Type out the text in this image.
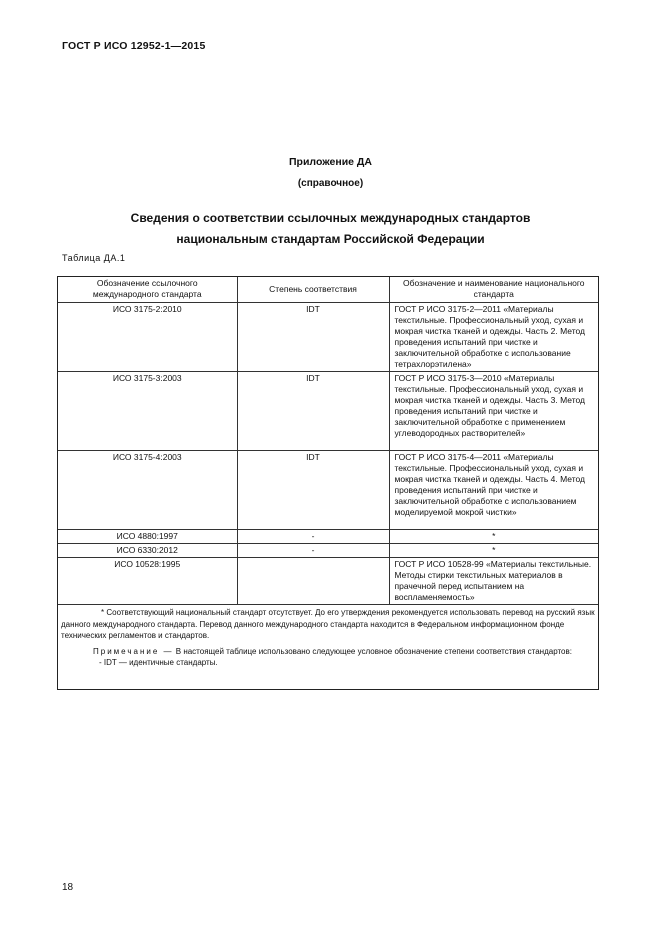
ГОСТ Р ИСО 12952-1—2015
Приложение ДА
(справочное)
Сведения о соответствии ссылочных международных стандартов
национальным стандартам Российской Федерации
Таблица ДА.1
Обозначение ссылочного международного стандарта	Степень соответствия	Обозначение и наименование национального стандарта
ИСО 3175-2:2010	IDT	ГОСТ Р ИСО 3175-2—2011 «Материалы текстильные. Профессиональный уход, сухая и мокрая чистка тканей и одежды. Часть 2. Метод проведения испытаний при чистке и заключительной обработке с использование тетрахлорэтилена»
ИСО 3175-3:2003	IDT	ГОСТ Р ИСО 3175-3—2010 «Материалы текстильные. Профессиональный уход, сухая и мокрая чистка тканей и одежды. Часть 3. Метод проведения испытаний при чистке и заключительной обработке с применением углеводородных растворителей»
ИСО 3175-4:2003	IDT	ГОСТ Р ИСО 3175-4—2011 «Материалы текстильные. Профессиональный уход, сухая и мокрая чистка тканей и одежды. Часть 4. Метод проведения испытаний при чистке и заключительной обработке с использованием моделируемой мокрой чистки»
ИСО 4880:1997	-	*
ИСО 6330:2012	-	*
ИСО 10528:1995		ГОСТ Р ИСО 10528-99 «Материалы текстильные. Методы стирки текстильных материалов в прачечной перед испытанием на воспламеняемость»

* Соответствующий национальный стандарт отсутствует. До его утверждения рекомендуется использовать перевод на русский язык данного международного стандарта. Перевод данного международного стандарта находится в Федеральном информационном фонде технических регламентов и стандартов.

Примечание — В настоящей таблице использовано следующее условное обозначение степени соответствия стандартов:

- IDT — идентичные стандарты.

18
